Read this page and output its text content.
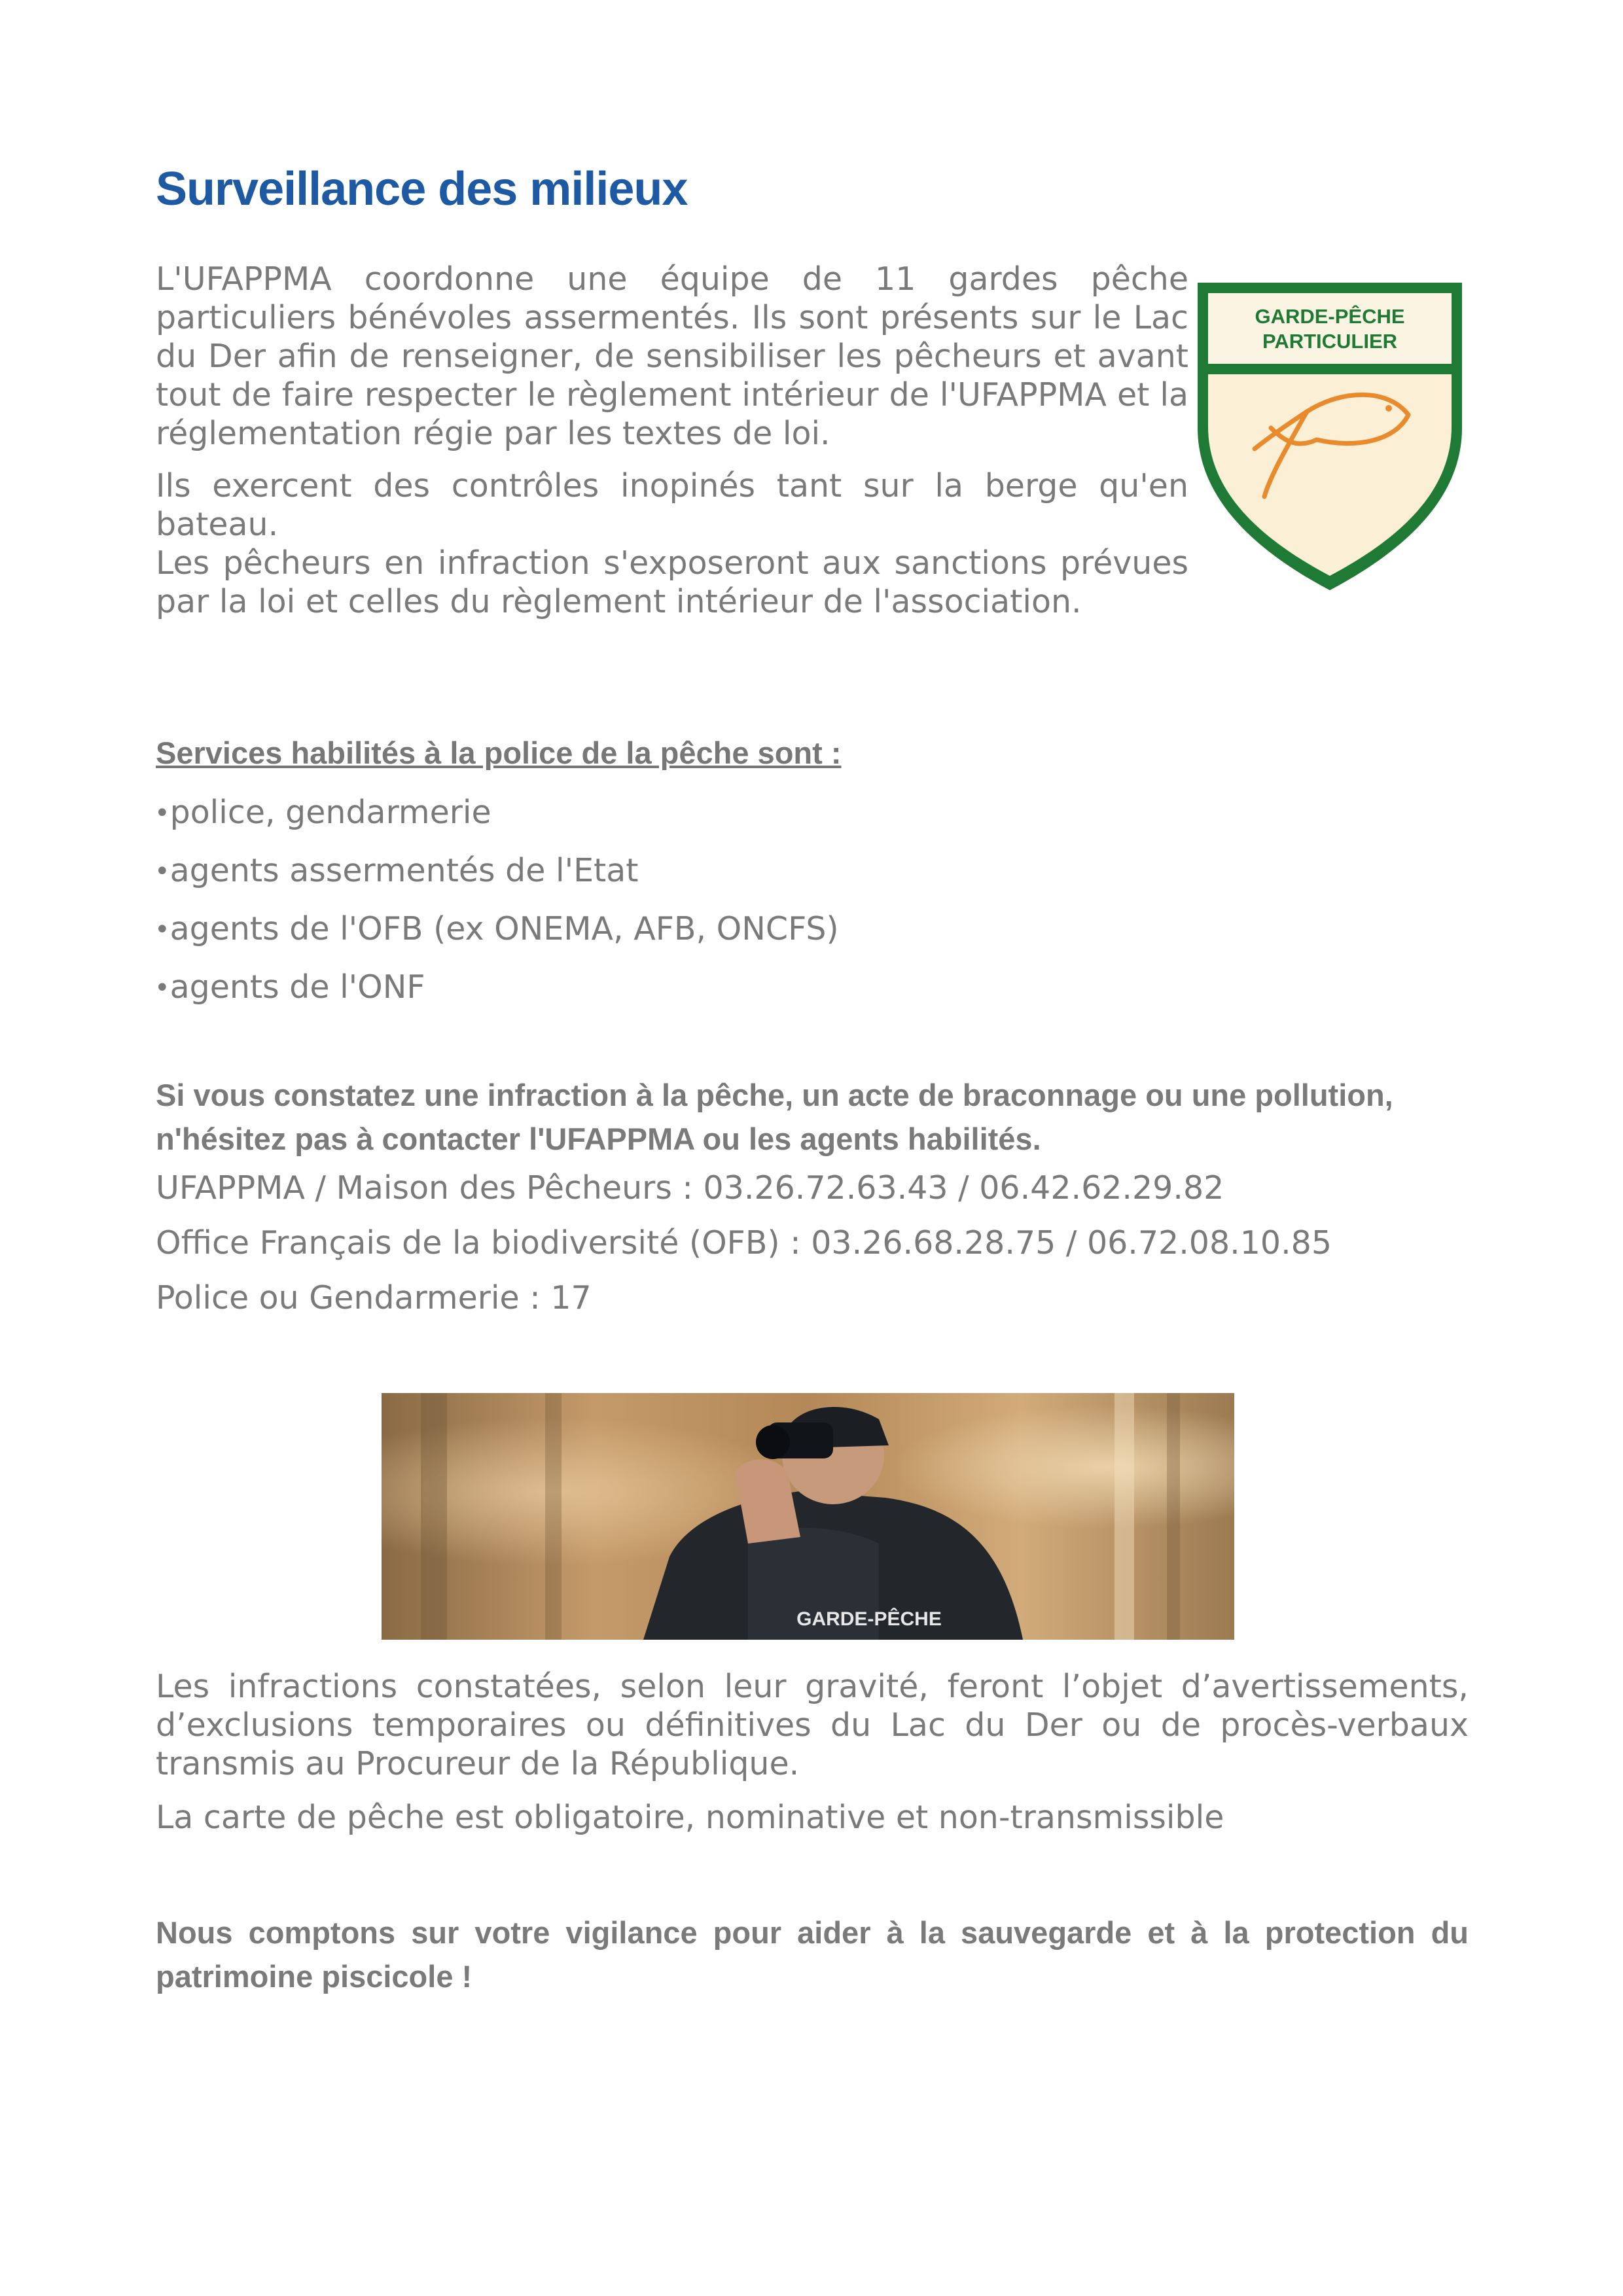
Surveillance des milieux

L'UFAPPMA coordonne une équipe de 11 gardes pêche particuliers bénévoles assermentés. Ils sont présents sur le Lac du Der afin de renseigner, de sensibiliser les pêcheurs et avant tout de faire respecter le règlement intérieur de l'UFAPPMA et la réglementation régie par les textes de loi.

Ils exercent des contrôles inopinés tant sur la berge qu'en bateau.
Les pêcheurs en infraction s'exposeront aux sanctions prévues par la loi et celles du règlement intérieur de l'association.

GARDE-PÊCHE
PARTICULIER
Services habilités à la police de la pêche sont :
•police, gendarmerie
•agents assermentés de l'Etat
•agents de l'OFB (ex ONEMA, AFB, ONCFS)
•agents de l'ONF

Si vous constatez une infraction à la pêche, un acte de braconnage ou une pollution, n'hésitez pas à contacter l'UFAPPMA ou les agents habilités.

UFAPPMA / Maison des Pêcheurs : 03.26.72.63.43 / 06.42.62.29.82

Office Français de la biodiversité (OFB) : 03.26.68.28.75 / 06.72.08.10.85

Police ou Gendarmerie : 17

GARDE-PÊCHE

Les infractions constatées, selon leur gravité, feront l’objet d’avertissements, d’exclusions temporaires ou définitives du Lac du Der ou de procès-verbaux transmis au Procureur de la République.

La carte de pêche est obligatoire, nominative et non-transmissible

Nous comptons sur votre vigilance pour aider à la sauvegarde et à la protection du patrimoine piscicole !
